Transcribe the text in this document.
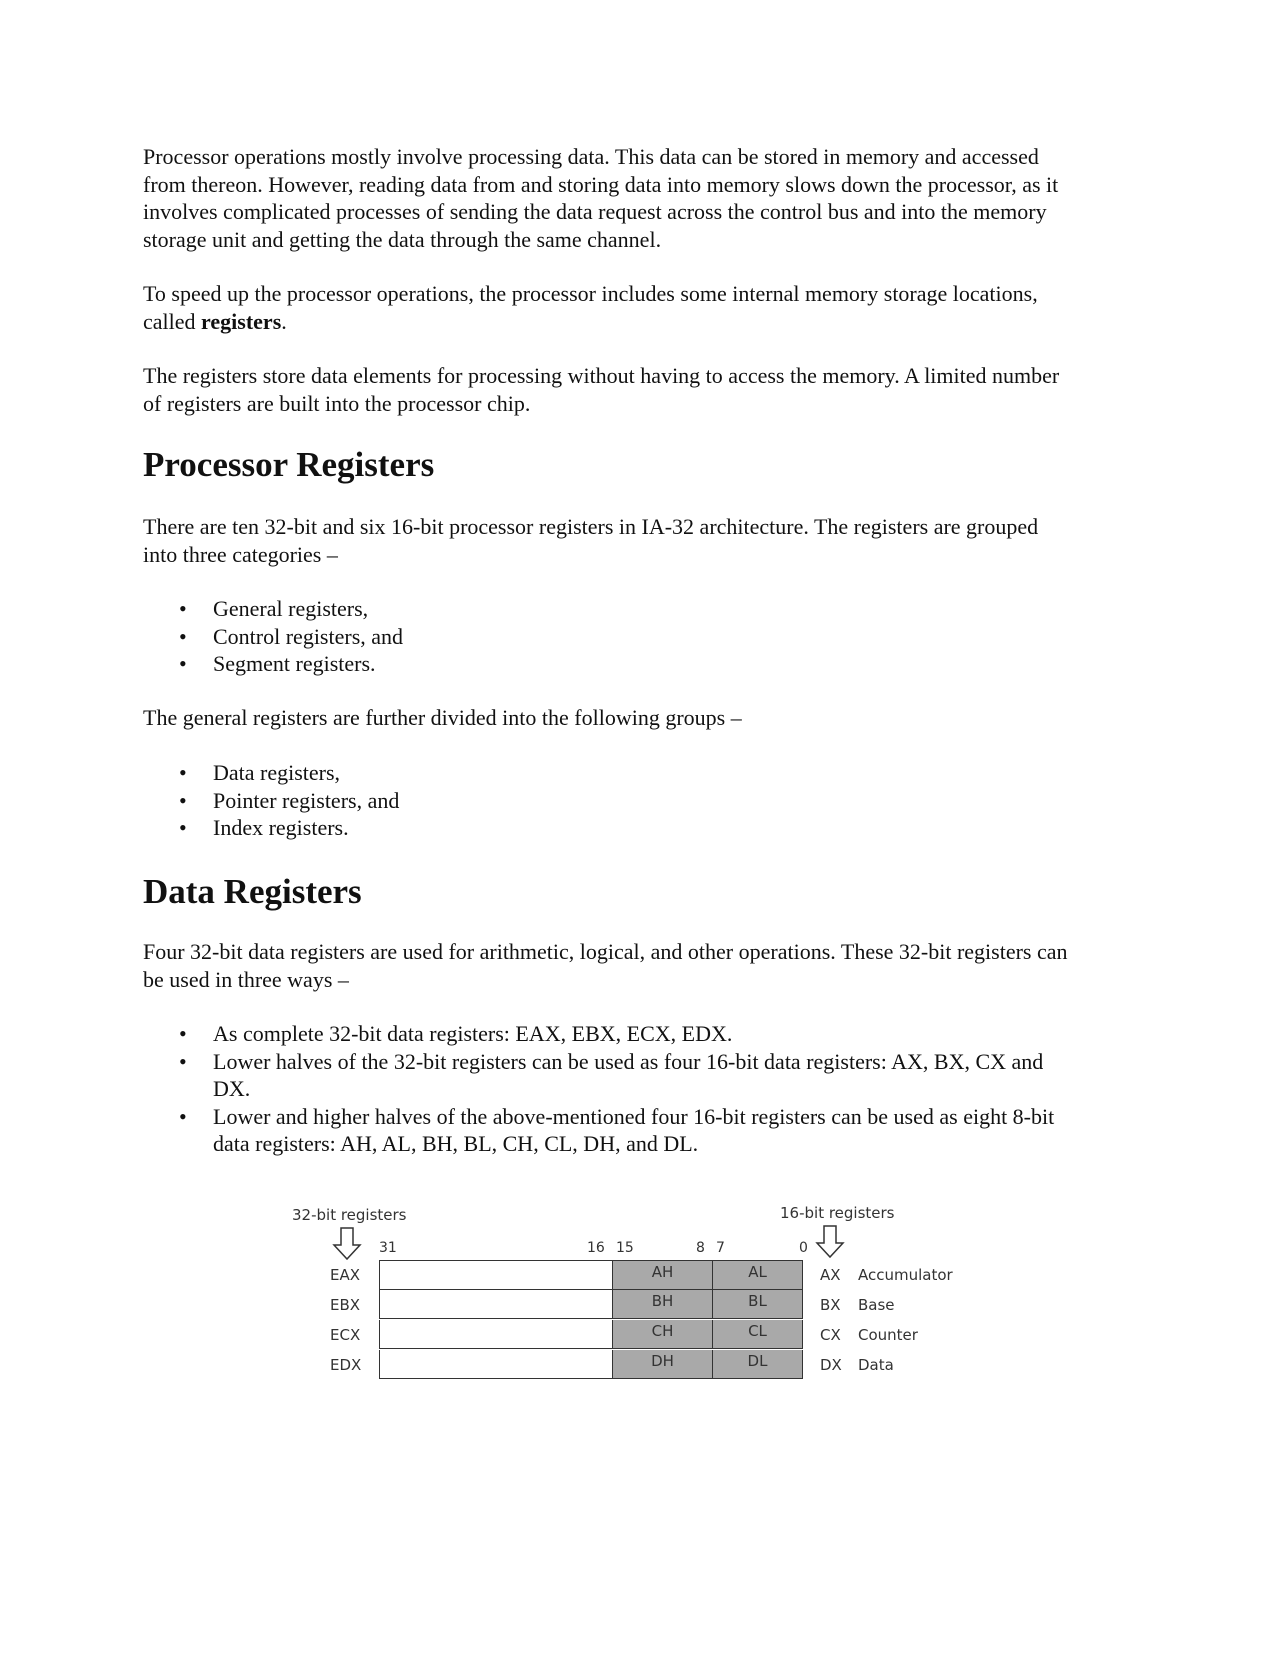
Processor operations mostly involve processing data. This data can be stored in memory and accessed from thereon. However, reading data from and storing data into memory slows down the processor, as it involves complicated processes of sending the data request across the control bus and into the memory storage unit and getting the data through the same channel.

To speed up the processor operations, the processor includes some internal memory storage locations, called registers.

The registers store data elements for processing without having to access the memory. A limited number of registers are built into the processor chip.

Processor Registers

There are ten 32-bit and six 16-bit processor registers in IA-32 architecture. The registers are grouped into three categories –

• General registers,
• Control registers, and
• Segment registers.

The general registers are further divided into the following groups –

• Data registers,
• Pointer registers, and
• Index registers.
Data Registers

Four 32-bit data registers are used for arithmetic, logical, and other operations. These 32-bit registers can be used in three ways –

• As complete 32-bit data registers: EAX, EBX, ECX, EDX.
• Lower halves of the 32-bit registers can be used as four 16-bit data registers: AX, BX, CX and DX.
• Lower and higher halves of the above-mentioned four 16-bit registers can be used as eight 8-bit data registers: AH, AL, BH, BL, CH, CL, DH, and DL.
32-bit registers	16-bit registers
31	16 15	8 7	0
EAX	AH	AL	AX Accumulator
EBX	BH	BL	BX Base
ECX	CH	CL	CX Counter
EDX	DH	DL	DX Data
